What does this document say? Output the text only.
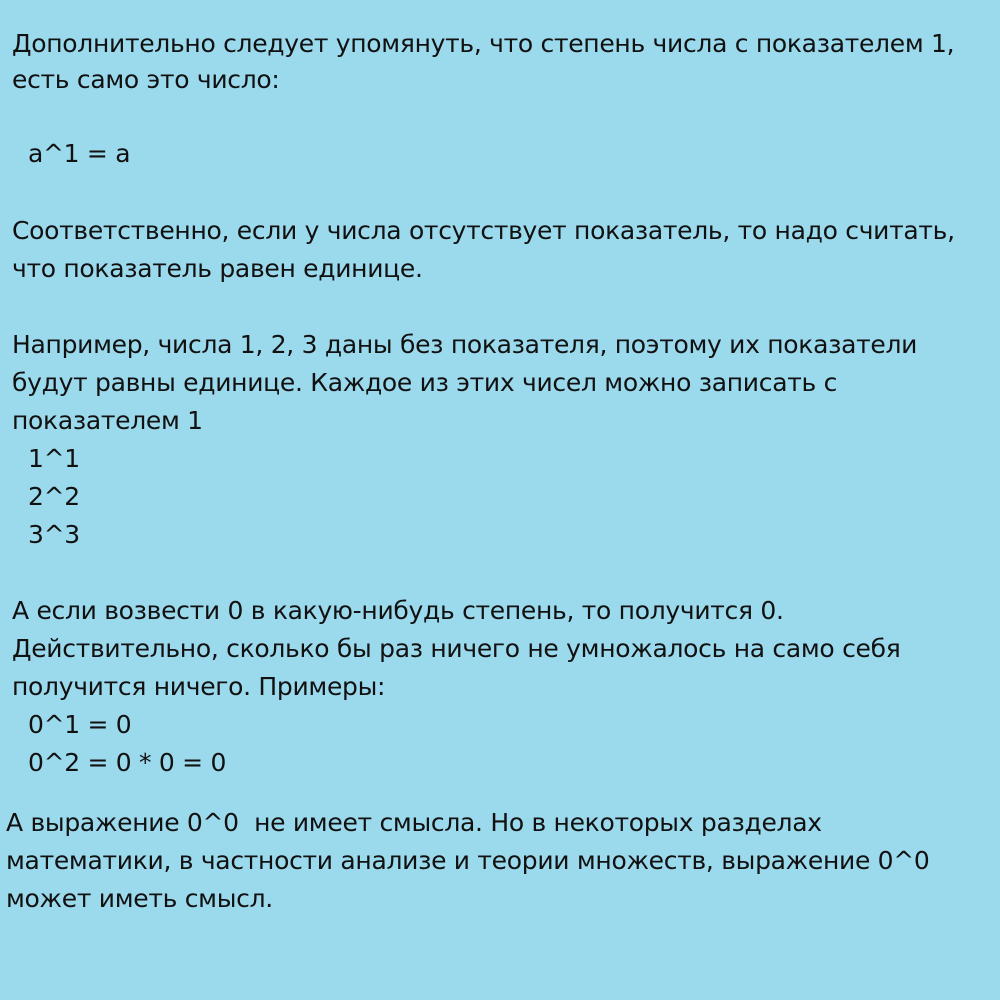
Дополнительно следует упомянуть, что степень числа с показателем 1,
есть само это число:
a^1 = a
Соответственно, если у числа отсутствует показатель, то надо считать,
что показатель равен единице.
Например, числа 1, 2, 3 даны без показателя, поэтому их показатели
будут равны единице. Каждое из этих чисел можно записать с
показателем 1
1^1
2^2
3^3
А если возвести 0 в какую-нибудь степень, то получится 0.
Действительно, сколько бы раз ничего не умножалось на само себя
получится ничего. Примеры:
0^1 = 0
0^2 = 0 * 0 = 0
А выражение 0^0  не имеет смысла. Но в некоторых разделах
математики, в частности анализе и теории множеств, выражение 0^0
может иметь смысл.
